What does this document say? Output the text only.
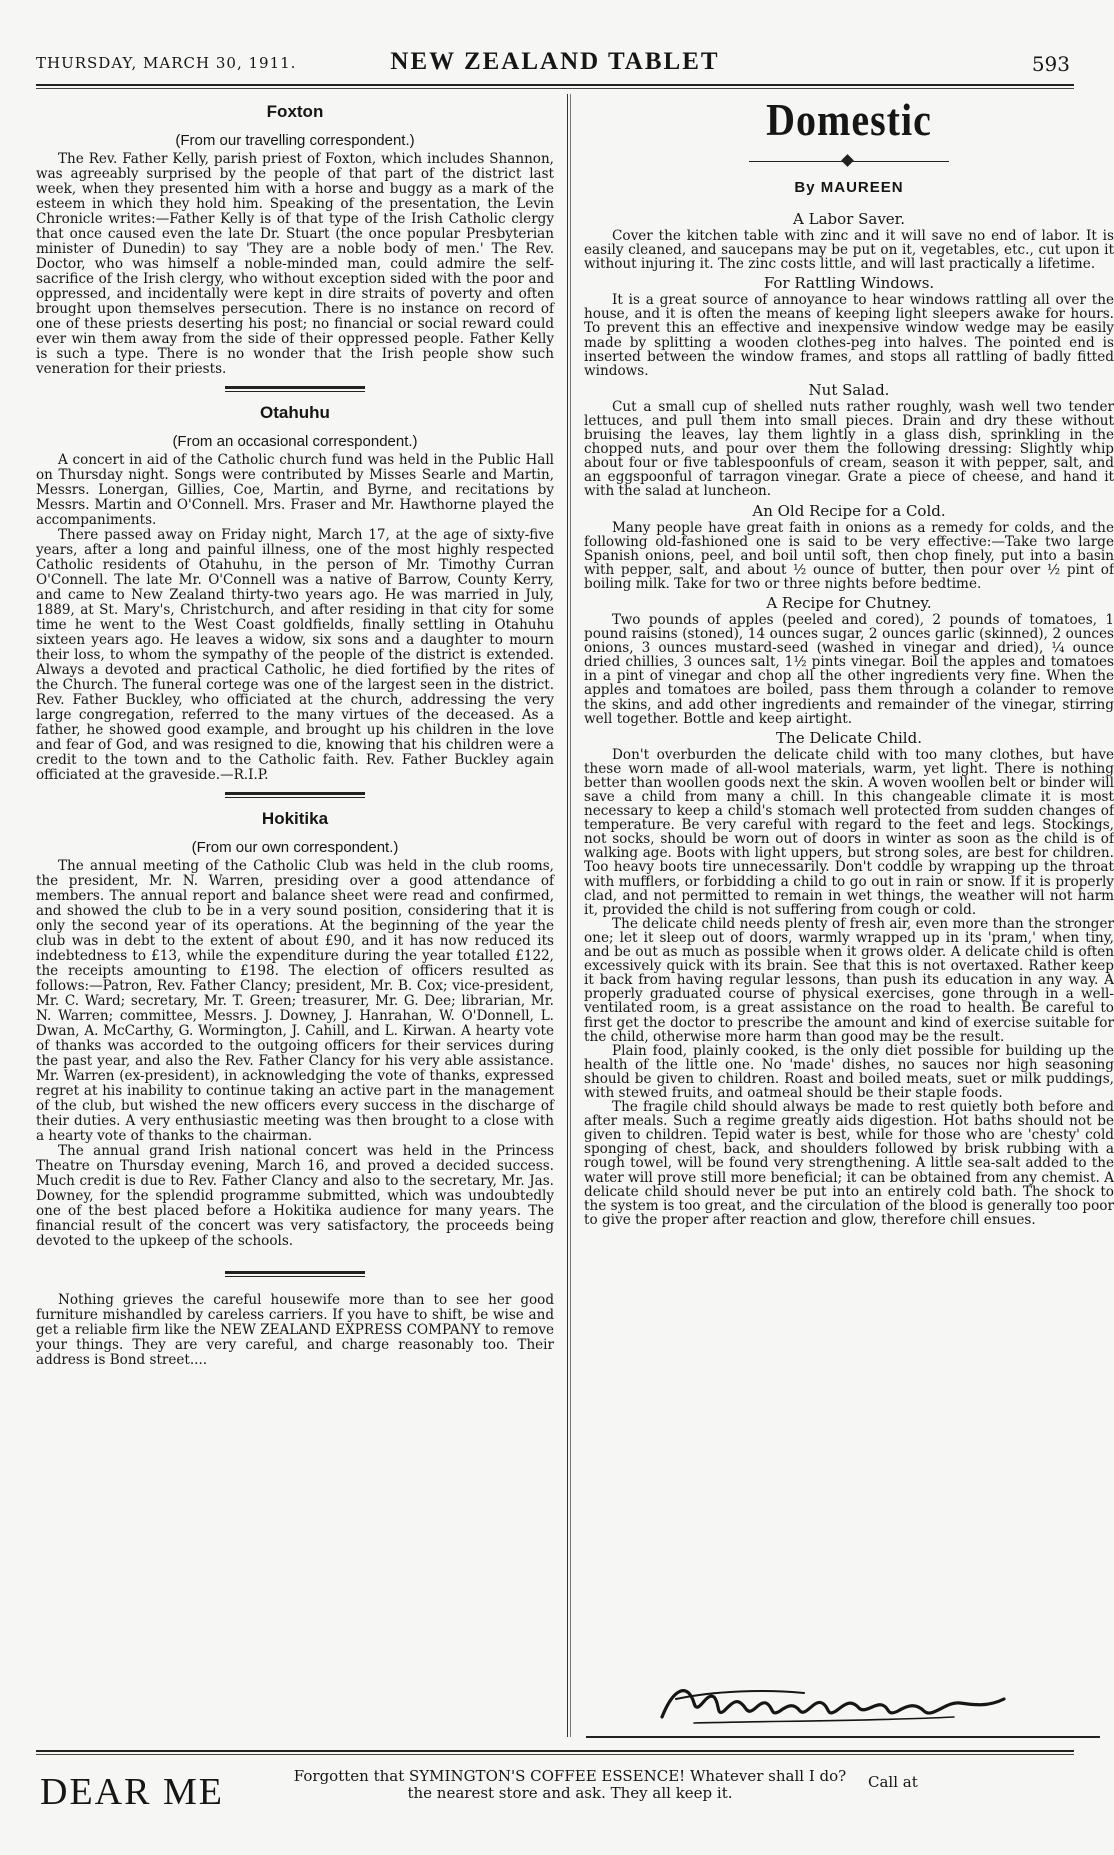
THURSDAY, MARCH 30, 1911.	NEW ZEALAND TABLET	593
Foxton
(From our travelling correspondent.)

The Rev. Father Kelly, parish priest of Foxton, which includes Shannon, was agreeably surprised by the people of that part of the district last week, when they presented him with a horse and buggy as a mark of the esteem in which they hold him. Speaking of the presentation, the Levin Chronicle writes:—Father Kelly is of that type of the Irish Catholic clergy that once caused even the late Dr. Stuart (the once popular Presbyterian minister of Dunedin) to say 'They are a noble body of men.' The Rev. Doctor, who was himself a noble-minded man, could admire the self-sacrifice of the Irish clergy, who without exception sided with the poor and oppressed, and incidentally were kept in dire straits of poverty and often brought upon themselves persecution. There is no instance on record of one of these priests deserting his post; no financial or social reward could ever win them away from the side of their oppressed people. Father Kelly is such a type. There is no wonder that the Irish people show such veneration for their priests.

Otahuhu
(From an occasional correspondent.)

A concert in aid of the Catholic church fund was held in the Public Hall on Thursday night. Songs were contributed by Misses Searle and Martin, Messrs. Lonergan, Gillies, Coe, Martin, and Byrne, and recitations by Messrs. Martin and O'Connell. Mrs. Fraser and Mr. Hawthorne played the accompaniments.

There passed away on Friday night, March 17, at the age of sixty-five years, after a long and painful illness, one of the most highly respected Catholic residents of Otahuhu, in the person of Mr. Timothy Curran O'Connell. The late Mr. O'Connell was a native of Barrow, County Kerry, and came to New Zealand thirty-two years ago. He was married in July, 1889, at St. Mary's, Christchurch, and after residing in that city for some time he went to the West Coast goldfields, finally settling in Otahuhu sixteen years ago. He leaves a widow, six sons and a daughter to mourn their loss, to whom the sympathy of the people of the district is extended. Always a devoted and practical Catholic, he died fortified by the rites of the Church. The funeral cortege was one of the largest seen in the district. Rev. Father Buckley, who officiated at the church, addressing the very large congregation, referred to the many virtues of the deceased. As a father, he showed good example, and brought up his children in the love and fear of God, and was resigned to die, knowing that his children were a credit to the town and to the Catholic faith. Rev. Father Buckley again officiated at the graveside.—R.I.P.

Hokitika
(From our own correspondent.)

The annual meeting of the Catholic Club was held in the club rooms, the president, Mr. N. Warren, presiding over a good attendance of members. The annual report and balance sheet were read and confirmed, and showed the club to be in a very sound position, considering that it is only the second year of its operations. At the beginning of the year the club was in debt to the extent of about £90, and it has now reduced its indebtedness to £13, while the expenditure during the year totalled £122, the receipts amounting to £198. The election of officers resulted as follows:—Patron, Rev. Father Clancy; president, Mr. B. Cox; vice-president, Mr. C. Ward; secretary, Mr. T. Green; treasurer, Mr. G. Dee; librarian, Mr. N. Warren; committee, Messrs. J. Downey, J. Hanrahan, W. O'Donnell, L. Dwan, A. McCarthy, G. Wormington, J. Cahill, and L. Kirwan. A hearty vote of thanks was accorded to the outgoing officers for their services during the past year, and also the Rev. Father Clancy for his very able assistance. Mr. Warren (ex-president), in acknowledging the vote of thanks, expressed regret at his inability to continue taking an active part in the management of the club, but wished the new officers every success in the discharge of their duties. A very enthusiastic meeting was then brought to a close with a hearty vote of thanks to the chairman.

The annual grand Irish national concert was held in the Princess Theatre on Thursday evening, March 16, and proved a decided success. Much credit is due to Rev. Father Clancy and also to the secretary, Mr. Jas. Downey, for the splendid programme submitted, which was undoubtedly one of the best placed before a Hokitika audience for many years. The financial result of the concert was very satisfactory, the proceeds being devoted to the upkeep of the schools.

Nothing grieves the careful housewife more than to see her good furniture mishandled by careless carriers. If you have to shift, be wise and get a reliable firm like the NEW ZEALAND EXPRESS COMPANY to remove your things. They are very careful, and charge reasonably too. Their address is Bond street....

Domestic
By MAUREEN
A Labor Saver.

Cover the kitchen table with zinc and it will save no end of labor. It is easily cleaned, and saucepans may be put on it, vegetables, etc., cut upon it without injuring it. The zinc costs little, and will last practically a lifetime.

For Rattling Windows.

It is a great source of annoyance to hear windows rattling all over the house, and it is often the means of keeping light sleepers awake for hours. To prevent this an effective and inexpensive window wedge may be easily made by splitting a wooden clothes-peg into halves. The pointed end is inserted between the window frames, and stops all rattling of badly fitted windows.

Nut Salad.

Cut a small cup of shelled nuts rather roughly, wash well two tender lettuces, and pull them into small pieces. Drain and dry these without bruising the leaves, lay them lightly in a glass dish, sprinkling in the chopped nuts, and pour over them the following dressing: Slightly whip about four or five tablespoonfuls of cream, season it with pepper, salt, and an eggspoonful of tarragon vinegar. Grate a piece of cheese, and hand it with the salad at luncheon.

An Old Recipe for a Cold.

Many people have great faith in onions as a remedy for colds, and the following old-fashioned one is said to be very effective:—Take two large Spanish onions, peel, and boil until soft, then chop finely, put into a basin with pepper, salt, and about ½ ounce of butter, then pour over ½ pint of boiling milk. Take for two or three nights before bedtime.

A Recipe for Chutney.

Two pounds of apples (peeled and cored), 2 pounds of tomatoes, 1 pound raisins (stoned), 14 ounces sugar, 2 ounces garlic (skinned), 2 ounces onions, 3 ounces mustard-seed (washed in vinegar and dried), ¼ ounce dried chillies, 3 ounces salt, 1½ pints vinegar. Boil the apples and tomatoes in a pint of vinegar and chop all the other ingredients very fine. When the apples and tomatoes are boiled, pass them through a colander to remove the skins, and add other ingredients and remainder of the vinegar, stirring well together. Bottle and keep airtight.

The Delicate Child.

Don't overburden the delicate child with too many clothes, but have these worn made of all-wool materials, warm, yet light. There is nothing better than woollen goods next the skin. A woven woollen belt or binder will save a child from many a chill. In this changeable climate it is most necessary to keep a child's stomach well protected from sudden changes of temperature. Be very careful with regard to the feet and legs. Stockings, not socks, should be worn out of doors in winter as soon as the child is of walking age. Boots with light uppers, but strong soles, are best for children. Too heavy boots tire unnecessarily. Don't coddle by wrapping up the throat with mufflers, or forbidding a child to go out in rain or snow. If it is properly clad, and not permitted to remain in wet things, the weather will not harm it, provided the child is not suffering from cough or cold.

The delicate child needs plenty of fresh air, even more than the stronger one; let it sleep out of doors, warmly wrapped up in its 'pram,' when tiny, and be out as much as possible when it grows older. A delicate child is often excessively quick with its brain. See that this is not overtaxed. Rather keep it back from having regular lessons, than push its education in any way. A properly graduated course of physical exercises, gone through in a well-ventilated room, is a great assistance on the road to health. Be careful to first get the doctor to prescribe the amount and kind of exercise suitable for the child, otherwise more harm than good may be the result.

Plain food, plainly cooked, is the only diet possible for building up the health of the little one. No 'made' dishes, no sauces nor high seasoning should be given to children. Roast and boiled meats, suet or milk puddings, with stewed fruits, and oatmeal should be their staple foods.

The fragile child should always be made to rest quietly both before and after meals. Such a regime greatly aids digestion. Hot baths should not be given to children. Tepid water is best, while for those who are 'chesty' cold sponging of chest, back, and shoulders followed by brisk rubbing with a rough towel, will be found very strengthening. A little sea-salt added to the water will prove still more beneficial; it can be obtained from any chemist. A delicate child should never be put into an entirely cold bath. The shock to the system is too great, and the circulation of the blood is generally too poor to give the proper after reaction and glow, therefore chill ensues.

DEAR ME	Forgotten that SYMINGTON'S COFFEE ESSENCE! Whatever shall I do? the nearest store and ask. They all keep it.
Call at
